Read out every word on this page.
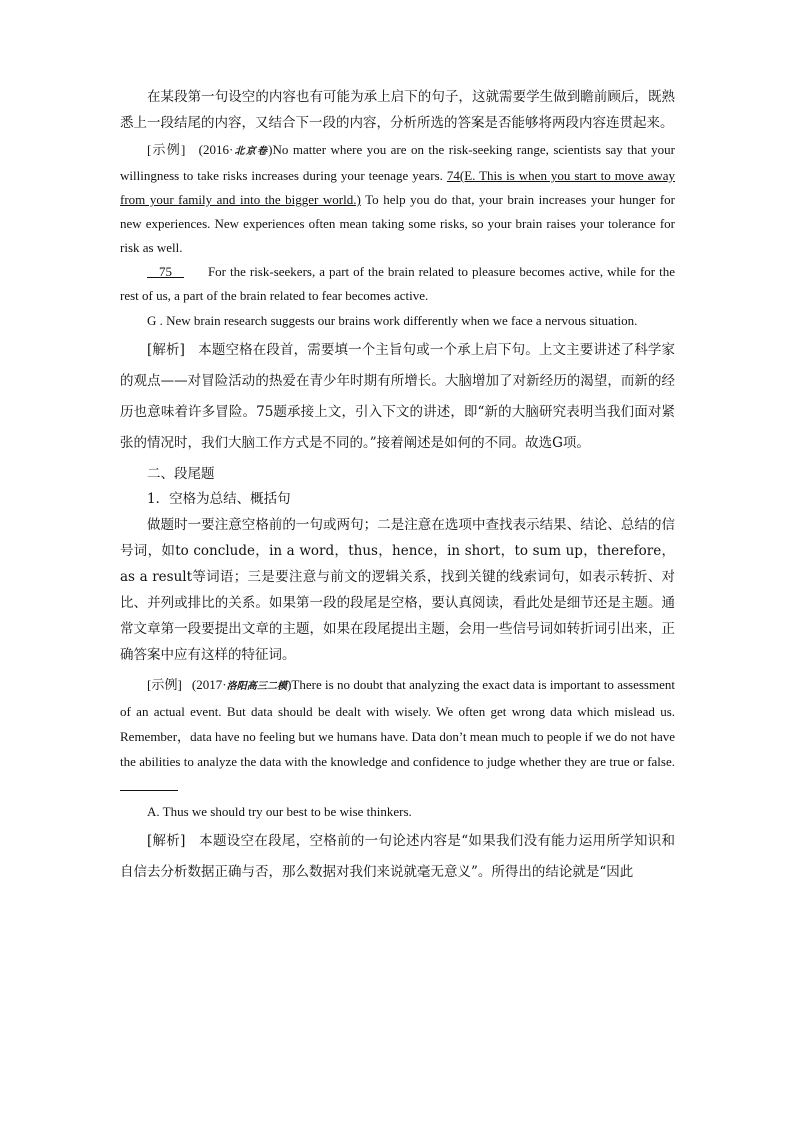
在某段第一句设空的内容也有可能为承上启下的句子，这就需要学生做到瞻前顾后，既熟悉上一段结尾的内容，又结合下一段的内容，分析所选的答案是否能够将两段内容连贯起来。

[示例] (2016·北京卷)No matter where you are on the risk-seeking range, scientists say that your willingness to take risks increases during your teenage years. 74(E. This is when you start to move away from your family and into the bigger world.) To help you do that, your brain increases your hunger for new experiences. New experiences often mean taking some risks, so your brain raises your tolerance for risk as well.

75	For the risk-seekers, a part of the brain related to pleasure becomes active, while for the rest of us, a part of the brain related to fear becomes active.

G . New brain research suggests our brains work differently when we face a nervous situation.

[解析] 本题空格在段首，需要填一个主旨句或一个承上启下句。上文主要讲述了科学家的观点——对冒险活动的热爱在青少年时期有所增长。大脑增加了对新经历的渴望，而新的经历也意味着许多冒险。75题承接上文，引入下文的讲述，即“新的大脑研究表明当我们面对紧张的情况时，我们大脑工作方式是不同的。”接着阐述是如何的不同。故选G项。

二、段尾题

1．空格为总结、概括句

做题时一要注意空格前的一句或两句；二是注意在选项中查找表示结果、结论、总结的信号词，如to conclude，in a word，thus，hence，in short，to sum up，therefore，as a result等词语；三是要注意与前文的逻辑关系，找到关键的线索词句，如表示转折、对比、并列或排比的关系。如果第一段的段尾是空格，要认真阅读，看此处是细节还是主题。通常文章第一段要提出文章的主题，如果在段尾提出主题，会用一些信号词如转折词引出来，正确答案中应有这样的特征词。

[示例] (2017·洛阳高三二模)There is no doubt that analyzing the exact data is important to assessment of an actual event. But data should be dealt with wisely. We often get wrong data which mislead us. Remember，data have no feeling but we humans have. Data don’t mean much to people if we do not have the abilities to analyze the data with the knowledge and confidence to judge whether they are true or false.

A. Thus we should try our best to be wise thinkers.

[解析] 本题设空在段尾，空格前的一句论述内容是“如果我们没有能力运用所学知识和自信去分析数据正确与否，那么数据对我们来说就毫无意义”。所得出的结论就是“因此
